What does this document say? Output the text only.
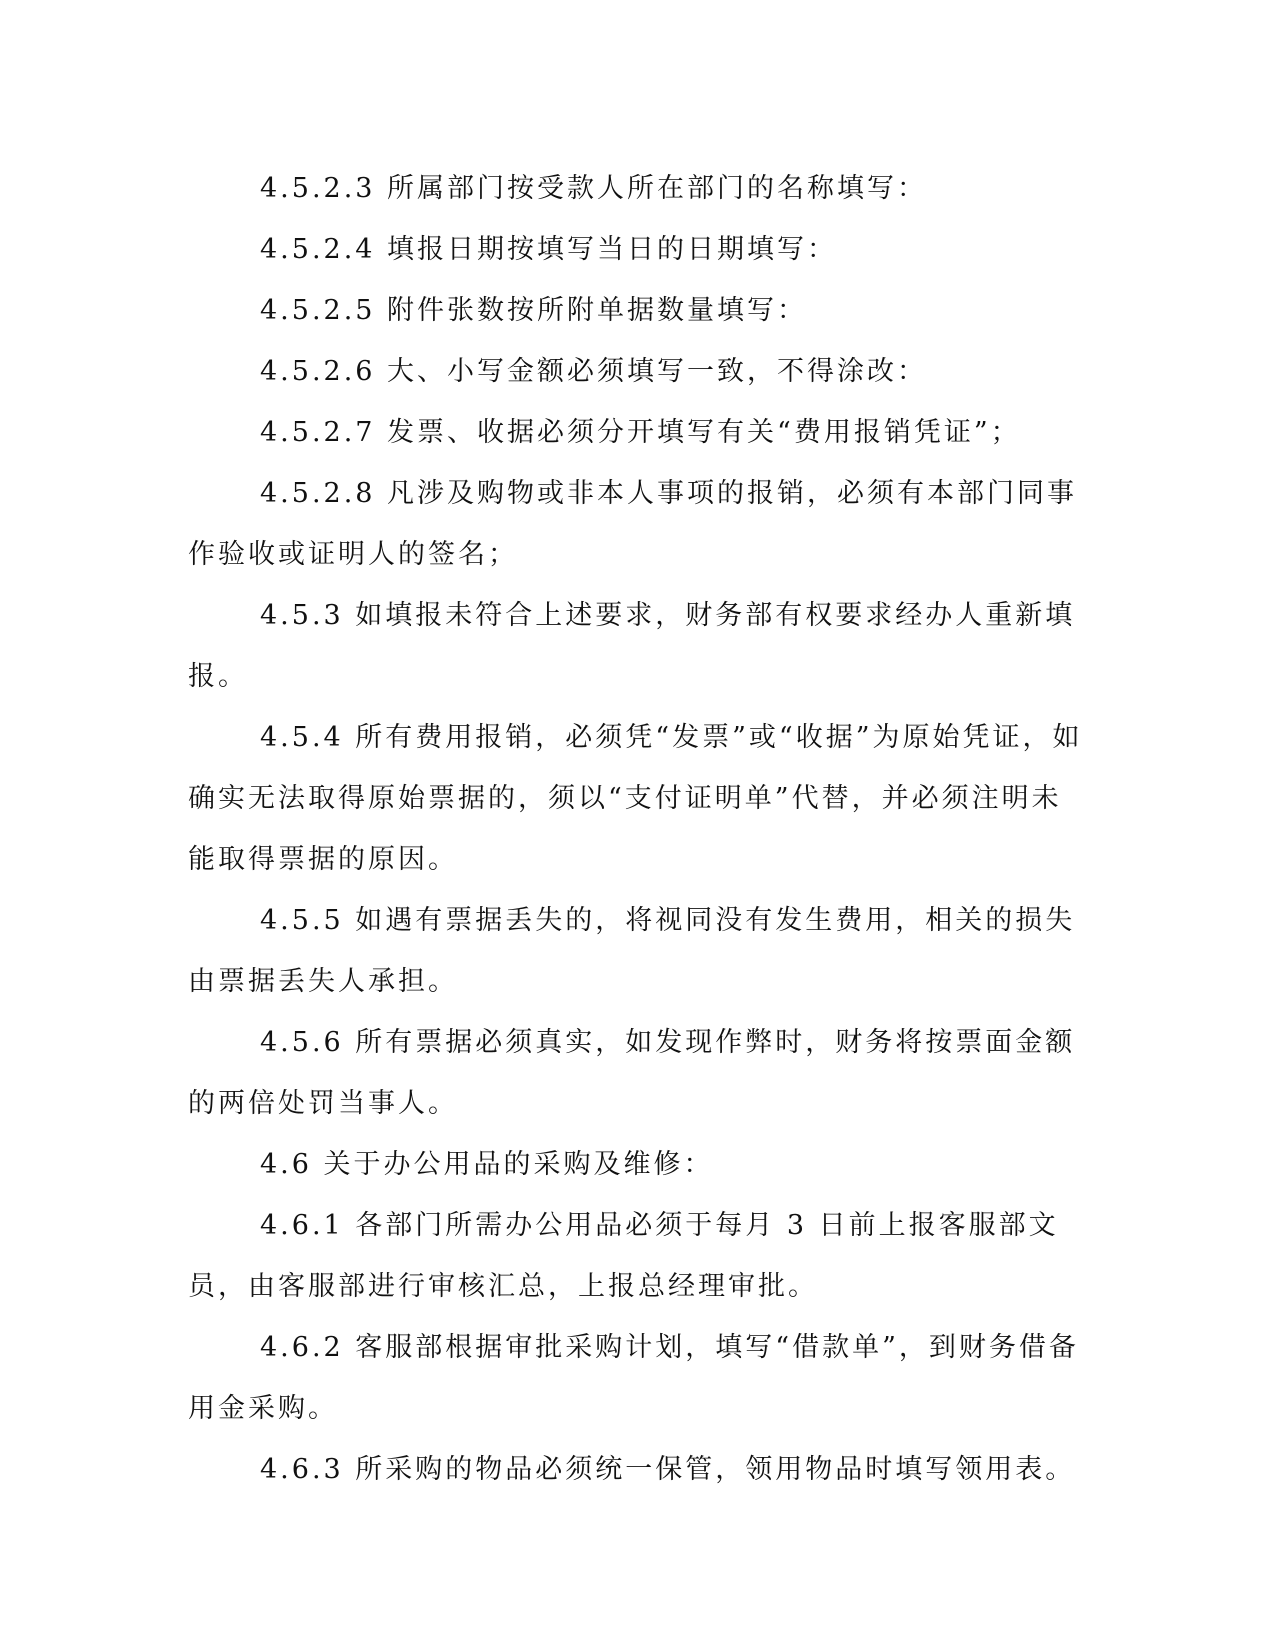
4.5.2.3 所属部门按受款人所在部门的名称填写：

4.5.2.4 填报日期按填写当日的日期填写：

4.5.2.5 附件张数按所附单据数量填写：

4.5.2.6 大、小写金额必须填写一致，不得涂改：

4.5.2.7 发票、收据必须分开填写有关“费用报销凭证”；

4.5.2.8 凡涉及购物或非本人事项的报销，必须有本部门同事作验收或证明人的签名；

4.5.3 如填报未符合上述要求，财务部有权要求经办人重新填报。

4.5.4 所有费用报销，必须凭“发票”或“收据”为原始凭证，如确实无法取得原始票据的，须以“支付证明单”代替，并必须注明未能取得票据的原因。

4.5.5 如遇有票据丢失的，将视同没有发生费用，相关的损失由票据丢失人承担。

4.5.6 所有票据必须真实，如发现作弊时，财务将按票面金额的两倍处罚当事人。

4.6 关于办公用品的采购及维修：

4.6.1 各部门所需办公用品必须于每月 3 日前上报客服部文员，由客服部进行审核汇总，上报总经理审批。

4.6.2 客服部根据审批采购计划，填写“借款单”，到财务借备用金采购。

4.6.3 所采购的物品必须统一保管，领用物品时填写领用表。
